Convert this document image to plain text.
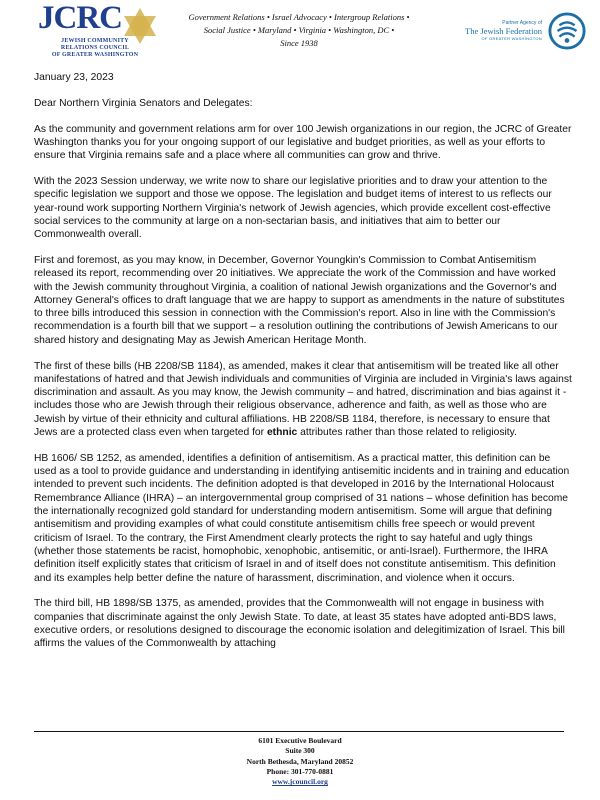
JCRC
JEWISH COMMUNITY
RELATIONS COUNCIL
OF GREATER WASHINGTON
Government Relations • Israel Advocacy • Intergroup Relations •
Social Justice • Maryland • Virginia • Washington, DC •
Since 1938
Partner Agency of
The Jewish Federation
OF GREATER WASHINGTON

January 23, 2023

Dear Northern Virginia Senators and Delegates:

As the community and government relations arm for over 100 Jewish organizations in our region, the JCRC of Greater Washington thanks you for your ongoing support of our legislative and budget priorities, as well as your efforts to ensure that Virginia remains safe and a place where all communities can grow and thrive.

With the 2023 Session underway, we write now to share our legislative priorities and to draw your attention to the specific legislation we support and those we oppose. The legislation and budget items of interest to us reflects our year-round work supporting Northern Virginia's network of Jewish agencies, which provide excellent cost-effective social services to the community at large on a non-sectarian basis, and initiatives that aim to better our Commonwealth overall.

First and foremost, as you may know, in December, Governor Youngkin's Commission to Combat Antisemitism released its report, recommending over 20 initiatives. We appreciate the work of the Commission and have worked with the Jewish community throughout Virginia, a coalition of national Jewish organizations and the Governor's and Attorney General's offices to draft language that we are happy to support as amendments in the nature of substitutes to three bills introduced this session in connection with the Commission's report. Also in line with the Commission's recommendation is a fourth bill that we support – a resolution outlining the contributions of Jewish Americans to our shared history and designating May as Jewish American Heritage Month.

The first of these bills (HB 2208/SB 1184), as amended, makes it clear that antisemitism will be treated like all other manifestations of hatred and that Jewish individuals and communities of Virginia are included in Virginia's laws against discrimination and assault. As you may know, the Jewish community – and hatred, discrimination and bias against it - includes those who are Jewish through their religious observance, adherence and faith, as well as those who are Jewish by virtue of their ethnicity and cultural affiliations. HB 2208/SB 1184, therefore, is necessary to ensure that Jews are a protected class even when targeted for ethnic attributes rather than those related to religiosity.

HB 1606/ SB 1252, as amended, identifies a definition of antisemitism. As a practical matter, this definition can be used as a tool to provide guidance and understanding in identifying antisemitic incidents and in training and education intended to prevent such incidents. The definition adopted is that developed in 2016 by the International Holocaust Remembrance Alliance (IHRA) – an intergovernmental group comprised of 31 nations – whose definition has become the internationally recognized gold standard for understanding modern antisemitism. Some will argue that defining antisemitism and providing examples of what could constitute antisemitism chills free speech or would prevent criticism of Israel. To the contrary, the First Amendment clearly protects the right to say hateful and ugly things (whether those statements be racist, homophobic, xenophobic, antisemitic, or anti-Israel). Furthermore, the IHRA definition itself explicitly states that criticism of Israel in and of itself does not constitute antisemitism. This definition and its examples help better define the nature of harassment, discrimination, and violence when it occurs.

The third bill, HB 1898/SB 1375, as amended, provides that the Commonwealth will not engage in business with companies that discriminate against the only Jewish State. To date, at least 35 states have adopted anti-BDS laws, executive orders, or resolutions designed to discourage the economic isolation and delegitimization of Israel. This bill affirms the values of the Commonwealth by attaching

6101 Executive Boulevard
Suite 300
North Bethesda, Maryland 20852
Phone: 301-770-0881
www.jcouncil.org
